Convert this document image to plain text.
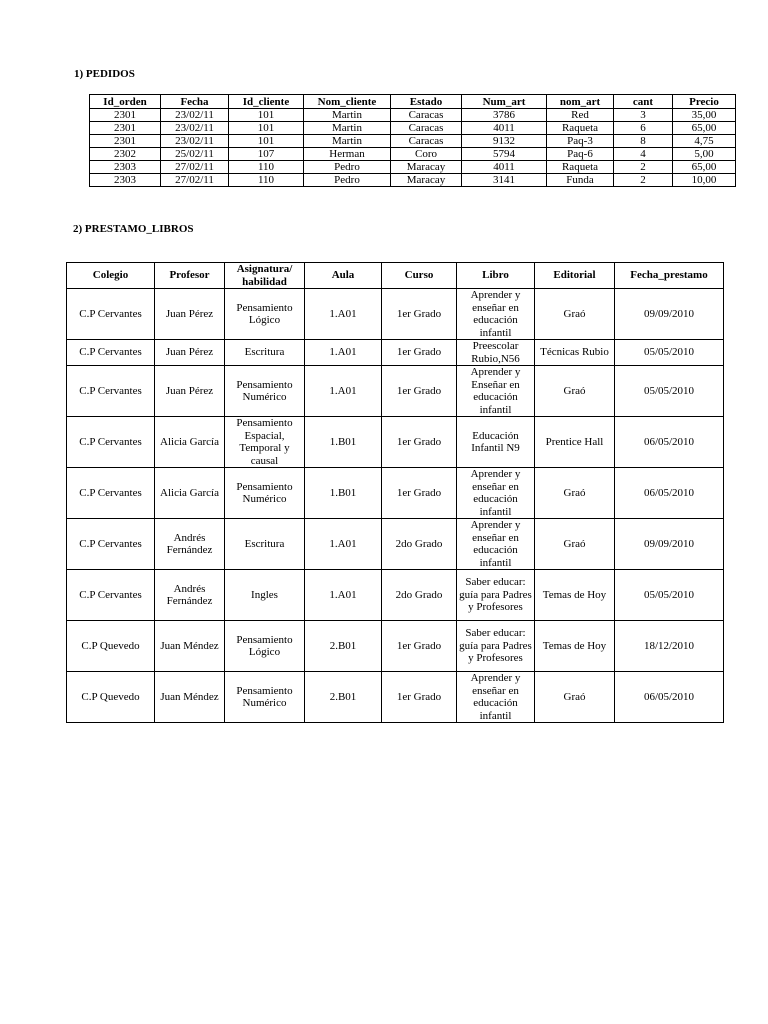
1) PEDIDOS

Id_orden	Fecha	Id_cliente	Nom_cliente	Estado	Num_art	nom_art	cant	Precio
2301	23/02/11	101	Martin	Caracas	3786	Red	3	35,00
2301	23/02/11	101	Martin	Caracas	4011	Raqueta	6	65,00
2301	23/02/11	101	Martin	Caracas	9132	Paq-3	8	4,75
2302	25/02/11	107	Herman	Coro	5794	Paq-6	4	5,00
2303	27/02/11	110	Pedro	Maracay	4011	Raqueta	2	65,00
2303	27/02/11	110	Pedro	Maracay	3141	Funda	2	10,00

2) PRESTAMO_LIBROS

Colegio	Profesor	Asignatura/ habilidad	Aula	Curso	Libro	Editorial	Fecha_prestamo
C.P Cervantes	Juan Pérez	Pensamiento Lógico	1.A01	1er Grado	Aprender y enseñar en educación infantil	Graó	09/09/2010
C.P Cervantes	Juan Pérez	Escritura	1.A01	1er Grado	Preescolar Rubio,N56	Técnicas Rubio	05/05/2010
C.P Cervantes	Juan Pérez	Pensamiento Numérico	1.A01	1er Grado	Aprender y Enseñar en educación infantil	Graó	05/05/2010
C.P Cervantes	Alicia García	Pensamiento Espacial, Temporal y causal	1.B01	1er Grado	Educación Infantil N9	Prentice Hall	06/05/2010
C.P Cervantes	Alicia García	Pensamiento Numérico	1.B01	1er Grado	Aprender y enseñar en educación infantil	Graó	06/05/2010
C.P Cervantes	Andrés Fernández	Escritura	1.A01	2do Grado	Aprender y enseñar en educación infantil	Graó	09/09/2010
C.P Cervantes	Andrés Fernández	Ingles	1.A01	2do Grado	Saber educar: guía para Padres y Profesores	Temas de Hoy	05/05/2010
C.P Quevedo	Juan Méndez	Pensamiento Lógico	2.B01	1er Grado	Saber educar: guía para Padres y Profesores	Temas de Hoy	18/12/2010
C.P Quevedo	Juan Méndez	Pensamiento Numérico	2.B01	1er Grado	Aprender y enseñar en educación infantil	Graó	06/05/2010
